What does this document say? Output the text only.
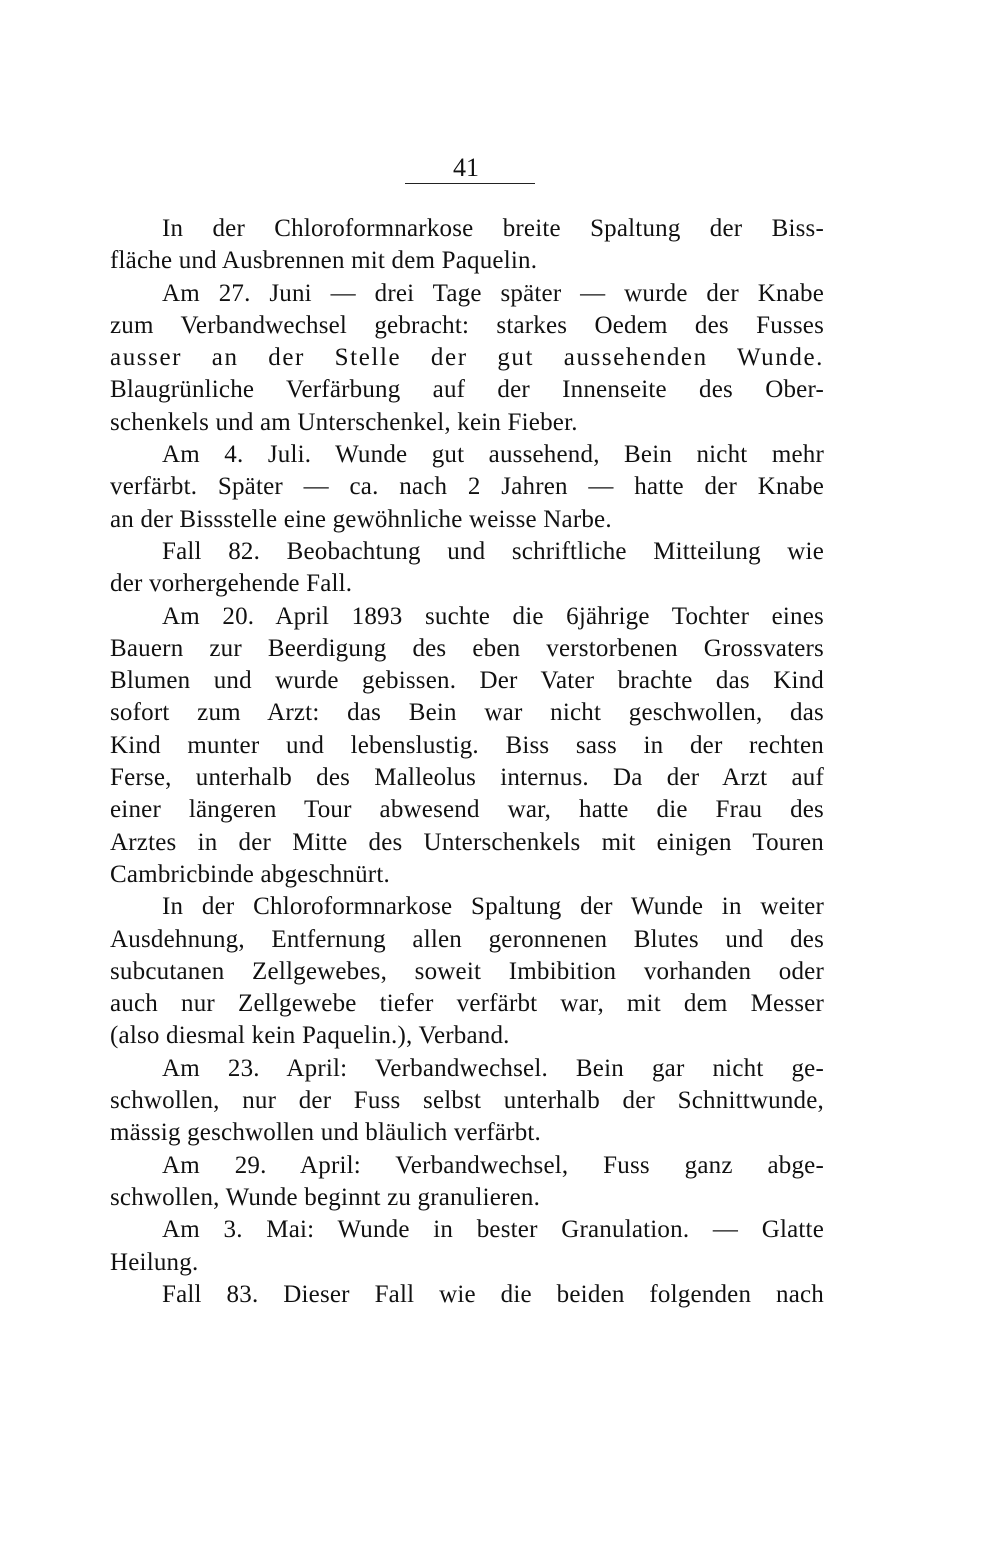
41
In der Chloroformnarkose breite Spaltung der Biss-
fläche und Ausbrennen mit dem Paquelin.
Am 27. Juni — drei Tage später — wurde der Knabe
zum Verbandwechsel gebracht: starkes Oedem des Fusses
ausser an der Stelle der gut aussehenden Wunde.
Blaugrünliche Verfärbung auf der Innenseite des Ober-
schenkels und am Unterschenkel, kein Fieber.
Am 4. Juli. Wunde gut aussehend, Bein nicht mehr
verfärbt. Später — ca. nach 2 Jahren — hatte der Knabe
an der Bissstelle eine gewöhnliche weisse Narbe.
Fall 82. Beobachtung und schriftliche Mitteilung wie
der vorhergehende Fall.
Am 20. April 1893 suchte die 6jährige Tochter eines
Bauern zur Beerdigung des eben verstorbenen Grossvaters
Blumen und wurde gebissen. Der Vater brachte das Kind
sofort zum Arzt: das Bein war nicht geschwollen, das
Kind munter und lebenslustig. Biss sass in der rechten
Ferse, unterhalb des Malleolus internus. Da der Arzt auf
einer längeren Tour abwesend war, hatte die Frau des
Arztes in der Mitte des Unterschenkels mit einigen Touren
Cambricbinde abgeschnürt.
In der Chloroformnarkose Spaltung der Wunde in weiter
Ausdehnung, Entfernung allen geronnenen Blutes und des
subcutanen Zellgewebes, soweit Imbibition vorhanden oder
auch nur Zellgewebe tiefer verfärbt war, mit dem Messer
(also diesmal kein Paquelin.), Verband.
Am 23. April: Verbandwechsel. Bein gar nicht ge-
schwollen, nur der Fuss selbst unterhalb der Schnittwunde,
mässig geschwollen und bläulich verfärbt.
Am 29. April: Verbandwechsel, Fuss ganz abge-
schwollen, Wunde beginnt zu granulieren.
Am 3. Mai: Wunde in bester Granulation. — Glatte
Heilung.
Fall 83. Dieser Fall wie die beiden folgenden nach
